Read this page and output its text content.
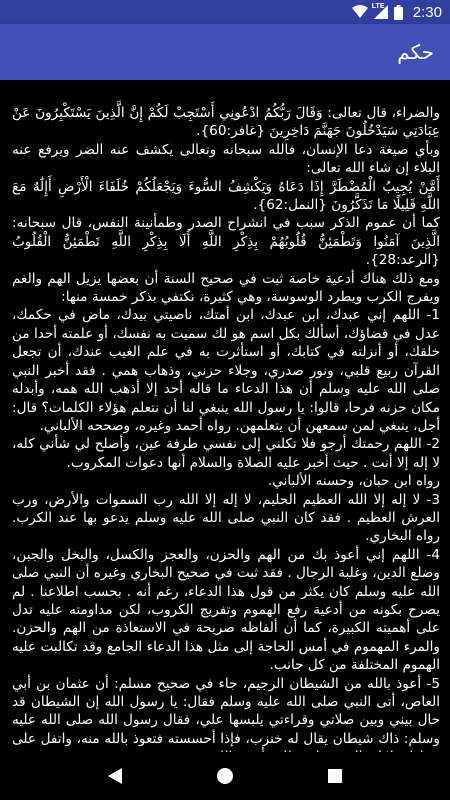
LTE 2:30
حكم

والضراء، قال تعالى: وَقَالَ رَبُّكُمُ ادْعُونِي أَسْتَجِبْ لَكُمْ إِنَّ الَّذِينَ يَسْتَكْبِرُونَ عَنْ عِبَادَتِي سَيَدْخُلُونَ جَهَنَّمَ دَاخِرِينَ {غافر:60}.
وبأي صيغة دعا الإنسان، فالله سبحانه وتعالى يكشف عنه الضر ويرفع عنه البلاء إن شاء الله تعالى:
أَمَّنْ يُجِيبُ الْمُضْطَرَّ إِذَا دَعَاهُ وَيَكْشِفُ السُّوءَ وَيَجْعَلُكُمْ خُلَفَاءَ الْأَرْضِ أَإِلَٰهٌ مَعَ اللَّهِ قَلِيلًا مَا تَذَكَّرُونَ {النمل:62}.
كما أن عموم الذكر سبب في انشراح الصدر وطمأنينة النفس، قال سبحانه: الَّذِينَ آمَنُوا وَتَطْمَئِنُّ قُلُوبُهُمْ بِذِكْرِ اللَّهِ أَلَا بِذِكْرِ اللَّهِ تَطْمَئِنُّ الْقُلُوبُ {الرعد:28}.
ومع ذلك هناك أدعية خاصة ثبت في صحيح السنة أن بعضها يزيل الهم والغم ويفرج الكرب ويطرد الوسوسة، وهي كثيرة، نكتفي بذكر خمسة منها:
1- اللهم إني عبدك، ابن عبدك، ابن أمتك، ناصيتي بيدك، ماض في حكمك، عدل في قضاؤك، أسألك بكل اسم هو لك سميت به نفسك، أو علمته أحدا من خلقك، أو أنزلته في كتابك، أو استأثرت به في علم الغيب عندك، أن تجعل القرآن ربيع قلبي، ونور صدري، وجلاء حزني، وذهاب همي . فقد أخبر النبي صلى الله عليه وسلم أن هذا الدعاء ما قاله أحد إلا أذهب الله همه، وأبدله مكان حزنه فرحا، قالوا: يا رسول الله ينبغي لنا أن نتعلم هؤلاء الكلمات؟ قال: أجل، ينبغي لمن سمعهن أن يتعلمهن. رواه أحمد وغيره، وصححه الألباني.
2- اللهم رحمتك أرجو فلا تكلني إلى نفسي طرفة عين، وأصلح لي شأني كله، لا إله إلا أنت . حيث أخبر عليه الصلاة والسلام أنها دعوات المكروب.
رواه ابن حبان، وحسنه الألباني.
3- لا إله إلا الله العظيم الحليم، لا إله إلا الله رب السموات والأرض، ورب العرش العظيم . فقد كان النبي صلى الله عليه وسلم يدعو بها عند الكرب. رواه البخاري.
4- اللهم إني أعوذ بك من الهم والحزن، والعجز والكسل، والبخل والجبن، وضلع الدين، وغلبة الرجال . فقد ثبت في صحيح البخاري وغيره أن النبي صلى الله عليه وسلم كان يكثر من قول هذا الدعاء، رغم أنه . بحسب اطلاعنا . لم يصرح بكونه من أدعية رفع الهموم وتفريج الكروب، لكن مداومته عليه تدل على أهميته الكبيرة، كما أن ألفاظه صريحة في الاستعاذة من الهم والحزن. والمرء المهموم في أمس الحاجة إلى مثل هذا الدعاء الجامع وقد تكالبت عليه الهموم المختلفة من كل جانب.
5- أعوذ بالله من الشيطان الرجيم، جاء في صحيح مسلم: أن عثمان بن أبي العاص، أتى النبي صلى الله عليه وسلم فقال: يا رسول الله إن الشيطان قد حال بيني وبين صلاتي وقراءتي يلبسها علي، فقال رسول الله صلى الله عليه وسلم: ذاك شيطان يقال له خنزب، فإذا أحسسته فتعوذ بالله منه، واتفل على
